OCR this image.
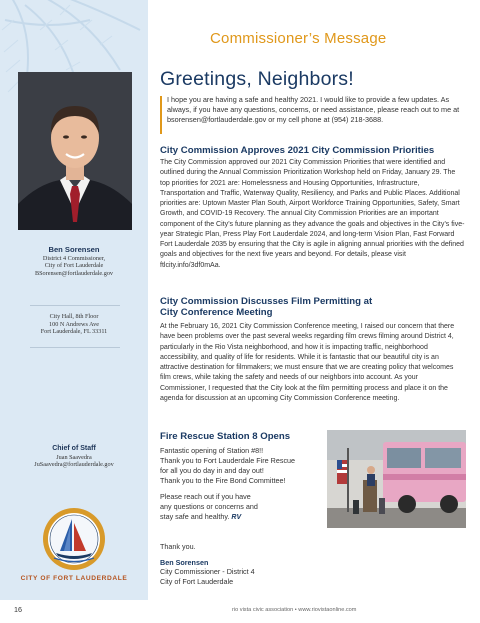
Ben Sorensen
District 4 Commissioner,
City of Fort Lauderdale
BSorensen@fortlauderdale.gov
City Hall, 8th Floor
100 N Andrews Ave
Fort Lauderdale, FL 33311
Chief of Staff
Juan Saavedra
JuSaavedra@fortlauderdale.gov
CITY OF FORT LAUDERDALE
Commissioner’s Message
Greetings, Neighbors!

I hope you are having a safe and healthy 2021. I would like to provide a few updates. As always, if you have any questions, concerns, or need assistance, please reach out to me at bsorensen@fortlauderdale.gov or my cell phone at (954) 218-3688.

City Commission Approves 2021 City Commission Priorities

The City Commission approved our 2021 City Commission Priorities that were identified and outlined during the Annual Commission Prioritization Workshop held on Friday, January 29. The top priorities for 2021 are: Homelessness and Housing Opportunities, Infrastructure, Transportation and Traffic, Waterway Quality, Resiliency, and Parks and Public Places. Additional priorities are: Uptown Master Plan South, Airport Workforce Training Opportunities, Safety, Smart Growth, and COVID-19 Recovery. The annual City Commission Priorities are an important component of the City’s future planning as they advance the goals and objectives in the City’s five-year Strategic Plan, Press Play Fort Lauderdale 2024, and long-term Vision Plan, Fast Forward Fort Lauderdale 2035 by ensuring that the City is agile in aligning annual priorities with the defined goals and objectives for the next five years and beyond. For details, please visit ftlcity.info/3df0mAa.

City Commission Discusses Film Permitting at
City Conference Meeting

At the February 16, 2021 City Commission Conference meeting, I raised our concern that there have been problems over the past several weeks regarding film crews filming around District 4, particularly in the Rio Vista neighborhood, and how it is impacting traffic, neighborhood accessibility, and quality of life for residents. While it is fantastic that our beautiful city is an attractive destination for filmmakers; we must ensure that we are creating policy that welcomes film crews, while taking the safety and needs of our neighbors into account. As your Commissioner, I requested that the City look at the film permitting process and place it on the agenda for discussion at an upcoming City Commission Conference meeting.

Fire Rescue Station 8 Opens
Fantastic opening of Station #8!!
Thank you to Fort Lauderdale Fire Rescue
for all you do day in and day out!
Thank you to the Fire Bond Committee!
Please reach out if you have
any questions or concerns and
stay safe and healthy. RV
Thank you.
Ben Sorensen
City Commissioner - District 4
City of Fort Lauderdale
16	rio vista civic association • www.riovistaonline.com
